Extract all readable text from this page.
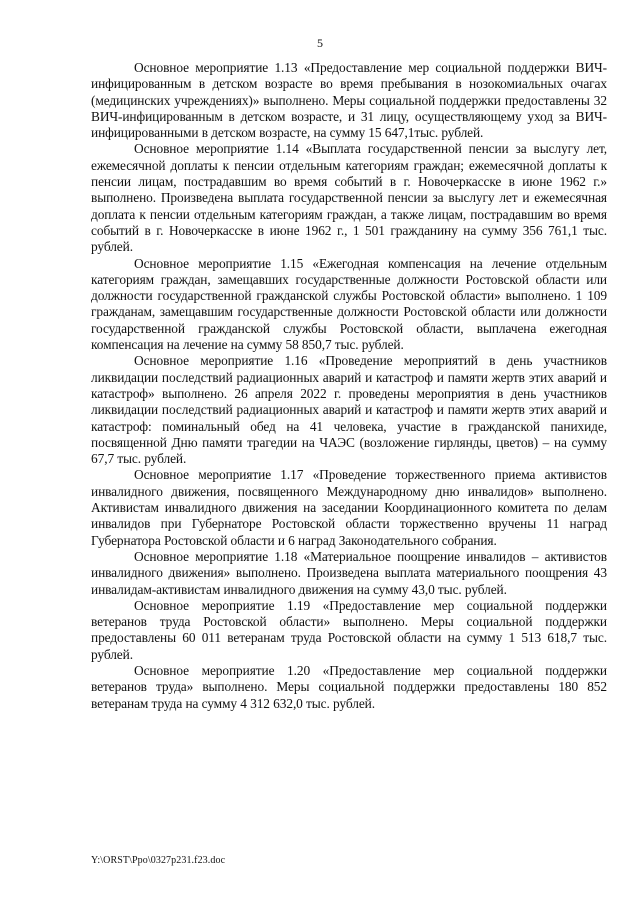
5

Основное мероприятие 1.13 «Предоставление мер социальной поддержки ВИЧ-инфицированным в детском возрасте во время пребывания в нозокомиальных очагах (медицинских учреждениях)» выполнено. Меры социальной поддержки предоставлены 32 ВИЧ-инфицированным в детском возрасте, и 31 лицу, осуществляющему уход за ВИЧ-инфицированными в детском возрасте, на сумму 15 647,1тыс. рублей.

Основное мероприятие 1.14 «Выплата государственной пенсии за выслугу лет, ежемесячной доплаты к пенсии отдельным категориям граждан; ежемесячной доплаты к пенсии лицам, пострадавшим во время событий в г. Новочеркасске в июне 1962 г.» выполнено. Произведена выплата государственной пенсии за выслугу лет и ежемесячная доплата к пенсии отдельным категориям граждан, а также лицам, пострадавшим во время событий в г. Новочеркасске в июне 1962 г., 1 501 гражданину на сумму 356 761,1 тыс. рублей.

Основное мероприятие 1.15 «Ежегодная компенсация на лечение отдельным категориям граждан, замещавших государственные должности Ростовской области или должности государственной гражданской службы Ростовской области» выполнено. 1 109 гражданам, замещавшим государственные должности Ростовской области или должности государственной гражданской службы Ростовской области, выплачена ежегодная компенсация на лечение на сумму 58 850,7 тыс. рублей.

Основное мероприятие 1.16 «Проведение мероприятий в день участников ликвидации последствий радиационных аварий и катастроф и памяти жертв этих аварий и катастроф» выполнено. 26 апреля 2022 г. проведены мероприятия в день участников ликвидации последствий радиационных аварий и катастроф и памяти жертв этих аварий и катастроф: поминальный обед на 41 человека, участие в гражданской панихиде, посвященной Дню памяти трагедии на ЧАЭС (возложение гирлянды, цветов) – на сумму 67,7 тыс. рублей.

Основное мероприятие 1.17 «Проведение торжественного приема активистов инвалидного движения, посвященного Международному дню инвалидов» выполнено. Активистам инвалидного движения на заседании Координационного комитета по делам инвалидов при Губернаторе Ростовской области торжественно вручены 11 наград Губернатора Ростовской области и 6 наград Законодательного собрания.

Основное мероприятие 1.18 «Материальное поощрение инвалидов – активистов инвалидного движения» выполнено. Произведена выплата материального поощрения 43 инвалидам-активистам инвалидного движения на сумму 43,0 тыс. рублей.

Основное мероприятие 1.19 «Предоставление мер социальной поддержки ветеранов труда Ростовской области» выполнено. Меры социальной поддержки предоставлены 60 011 ветеранам труда Ростовской области на сумму 1 513 618,7 тыс. рублей.

Основное мероприятие 1.20 «Предоставление мер социальной поддержки ветеранов труда» выполнено. Меры социальной поддержки предоставлены 180 852 ветеранам труда на сумму 4 312 632,0 тыс. рублей.

Y:\ORST\Ppo\0327p231.f23.doc
